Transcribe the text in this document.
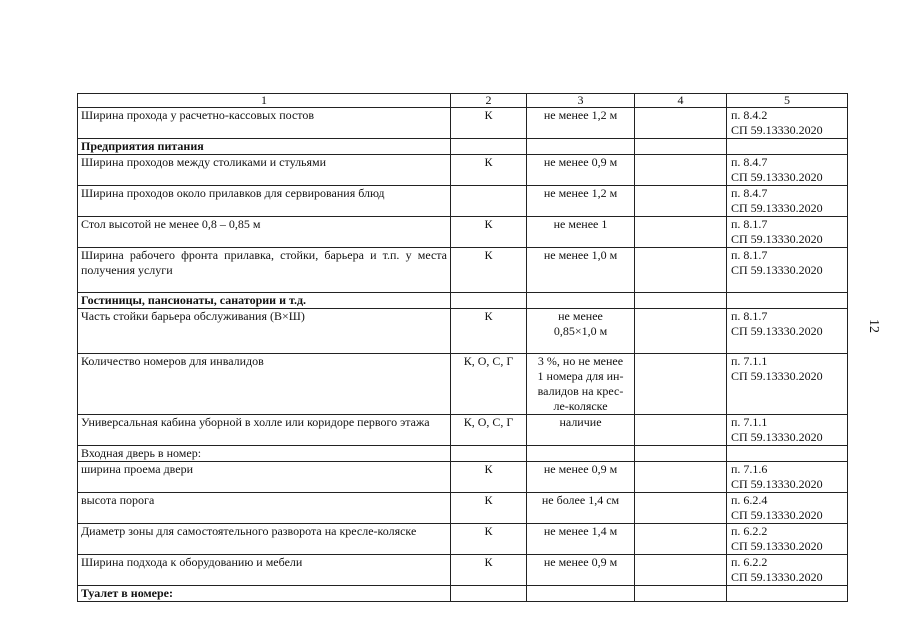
1	2	3	4	5
Ширина прохода у расчетно-кассовых постов	К	не менее 1,2 м		п. 8.4.2
СП 59.13330.2020
Предприятия питания				
Ширина проходов между столиками и стульями	К	не менее 0,9 м		п. 8.4.7
СП 59.13330.2020
Ширина проходов около прилавков для сервирования блюд		не менее 1,2 м		п. 8.4.7
СП 59.13330.2020
Стол высотой не менее 0,8 – 0,85 м	К	не менее 1		п. 8.1.7
СП 59.13330.2020
Ширина рабочего фронта прилавка, стойки, барьера и т.п. у места получения услуги	К	не менее 1,0 м		п. 8.1.7
СП 59.13330.2020
Гостиницы, пансионаты, санатории и т.д.				
Часть стойки барьера обслуживания (В×Ш)	К	не менее
0,85×1,0 м		п. 8.1.7
СП 59.13330.2020
Количество номеров для инвалидов	К, О, С, Г	3 %, но не менее
1 номера для ин-
валидов на крес-
ле-коляске		п. 7.1.1
СП 59.13330.2020
Универсальная кабина уборной в холле или коридоре первого этажа	К, О, С, Г	наличие		п. 7.1.1
СП 59.13330.2020
Входная дверь в номер:				
ширина проема двери	К	не менее 0,9 м		п. 7.1.6
СП 59.13330.2020
высота порога	К	не более 1,4 см		п. 6.2.4
СП 59.13330.2020
Диаметр зоны для самостоятельного разворота на кресле-коляске	К	не менее 1,4 м		п. 6.2.2
СП 59.13330.2020
Ширина подхода к оборудованию и мебели	К	не менее 0,9 м		п. 6.2.2
СП 59.13330.2020
Туалет в номере:				
12
